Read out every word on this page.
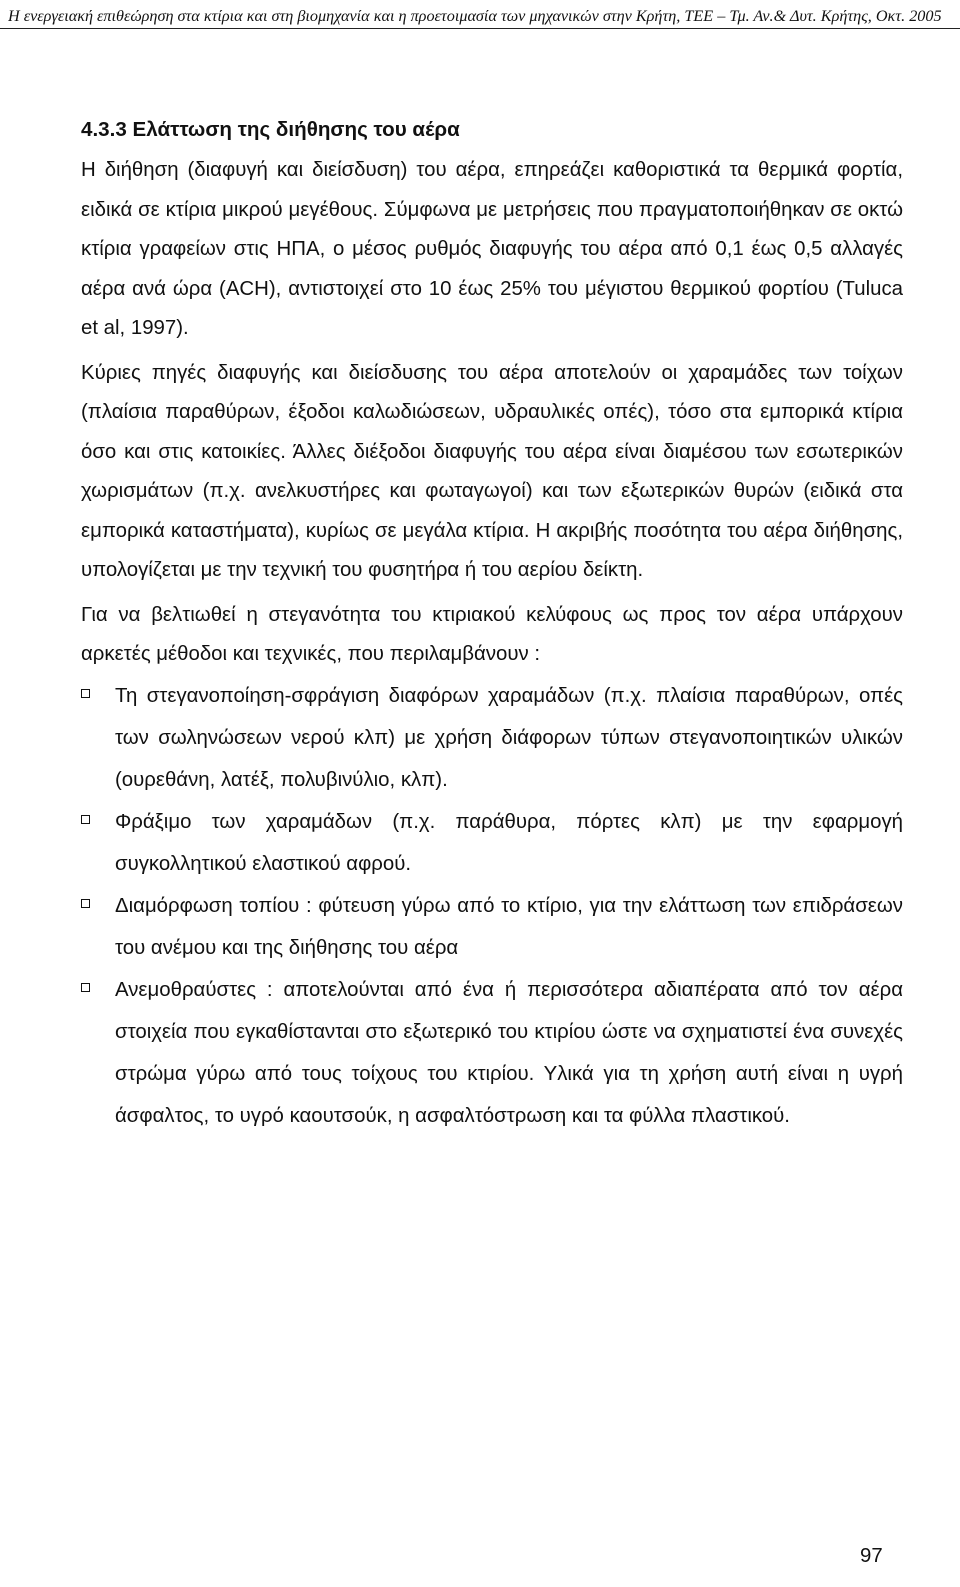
Η ενεργειακή επιθεώρηση στα κτίρια και στη βιομηχανία και η προετοιμασία των μηχανικών στην Κρήτη, ΤΕΕ – Τμ. Αν.& Δυτ. Κρήτης, Οκτ. 2005
4.3.3 Ελάττωση της διήθησης του αέρα

Η διήθηση (διαφυγή και διείσδυση) του αέρα, επηρεάζει καθοριστικά τα θερμικά φορτία, ειδικά σε κτίρια μικρού μεγέθους. Σύμφωνα με μετρήσεις που πραγματοποιήθηκαν σε οκτώ κτίρια γραφείων στις ΗΠΑ, ο μέσος ρυθμός διαφυγής του αέρα από 0,1 έως 0,5 αλλαγές αέρα ανά ώρα (ACH), αντιστοιχεί στο 10 έως 25% του μέγιστου θερμικού φορτίου (Tuluca et al, 1997).

Κύριες πηγές διαφυγής και διείσδυσης του αέρα αποτελούν οι χαραμάδες των τοίχων (πλαίσια παραθύρων, έξοδοι καλωδιώσεων, υδραυλικές οπές), τόσο στα εμπορικά κτίρια όσο και στις κατοικίες. Άλλες διέξοδοι διαφυγής του αέρα είναι διαμέσου των εσωτερικών χωρισμάτων (π.χ. ανελκυστήρες και φωταγωγοί) και των εξωτερικών θυρών (ειδικά στα εμπορικά καταστήματα), κυρίως σε μεγάλα κτίρια. Η ακριβής ποσότητα του αέρα διήθησης, υπολογίζεται με την τεχνική του φυσητήρα ή του αερίου δείκτη.

Για να βελτιωθεί η στεγανότητα του κτιριακού κελύφους ως προς τον αέρα υπάρχουν αρκετές μέθοδοι και τεχνικές, που περιλαμβάνουν :

Τη στεγανοποίηση-σφράγιση διαφόρων χαραμάδων (π.χ. πλαίσια παραθύρων, οπές των σωληνώσεων νερού κλπ) με χρήση διάφορων τύπων στεγανοποιητικών υλικών (ουρεθάνη, λατέξ, πολυβινύλιο, κλπ).
Φράξιμο των χαραμάδων (π.χ. παράθυρα, πόρτες κλπ) με την εφαρμογή συγκολλητικού ελαστικού αφρού.
Διαμόρφωση τοπίου : φύτευση γύρω από το κτίριο, για την ελάττωση των επιδράσεων του ανέμου και της διήθησης του αέρα
Ανεμοθραύστες : αποτελούνται από ένα ή περισσότερα αδιαπέρατα από τον αέρα στοιχεία που εγκαθίστανται στο εξωτερικό του κτιρίου ώστε να σχηματιστεί ένα συνεχές στρώμα γύρω από τους τοίχους του κτιρίου. Υλικά για τη χρήση αυτή είναι η υγρή άσφαλτος, το υγρό καουτσούκ, η ασφαλτόστρωση και τα φύλλα πλαστικού.
97
